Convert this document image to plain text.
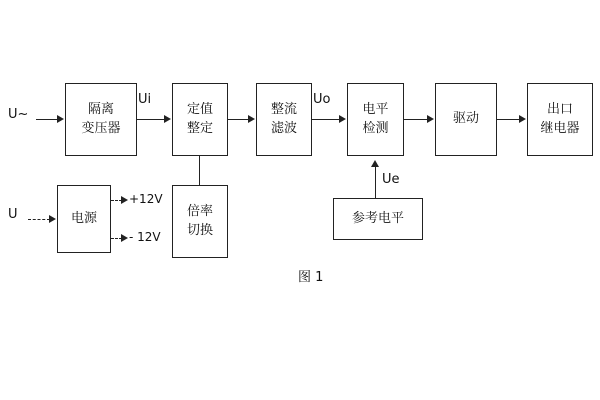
U~	隔离
变压器
Ui
定值
整定
整流
滤波
Uo
电平
检测
驱动
出口
继电器
U	电源
+12V
- 12V
倍率
切换
参考电平
Ue
图 1
